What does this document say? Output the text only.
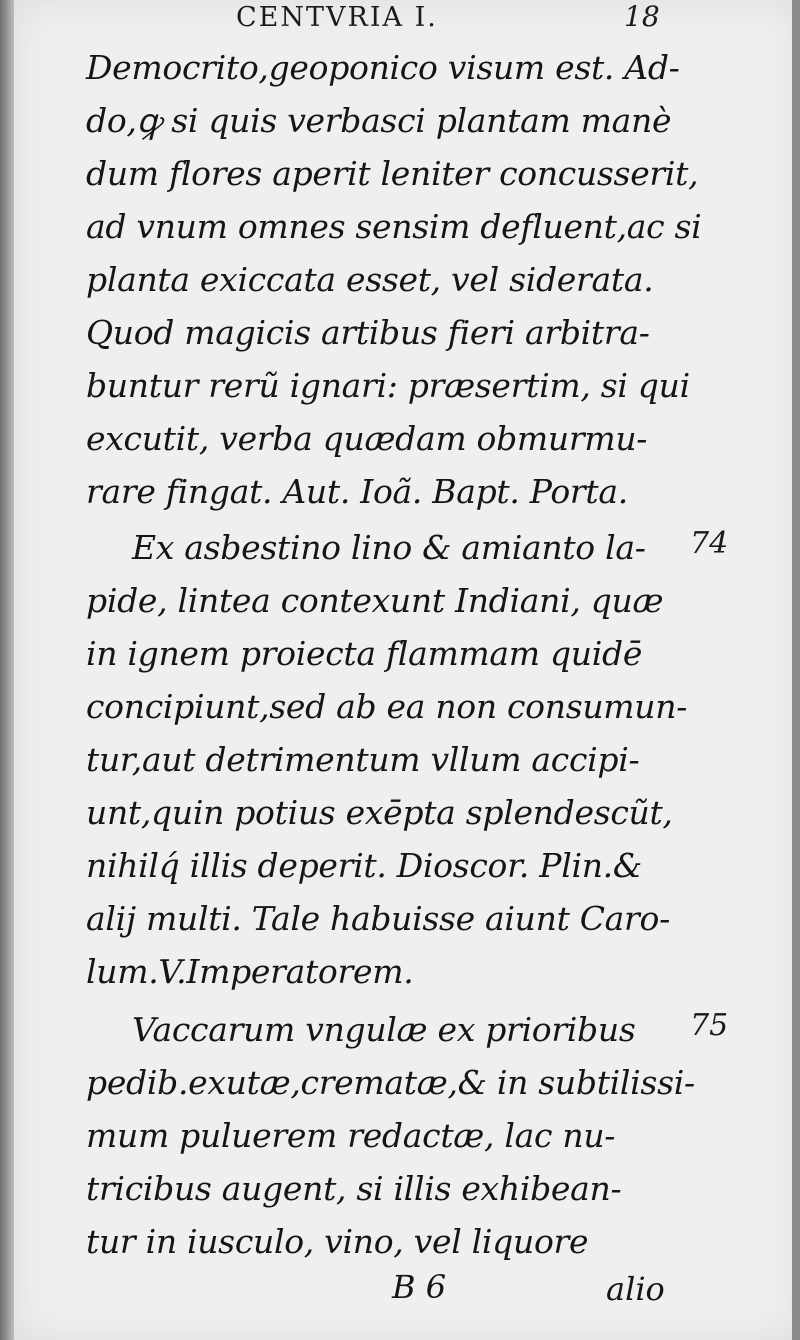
CENTVRIA I.	18
Democrito,geoponico visum est. Ad-
do,ꝙ si quis verbasci plantam manè
dum flores aperit leniter concusserit,
ad vnum omnes sensim defluent,ac si
planta exiccata esset, vel siderata.
Quod magicis artibus fieri arbitra-
buntur rerũ ignari: præsertim, si qui
excutit, verba quædam obmurmu-
rare fingat. Aut. Ioã. Bapt. Porta.
Ex asbestino lino & amianto la-	74
pide, lintea contexunt Indiani, quæ
in ignem proiecta flammam quidē
concipiunt,sed ab ea non consumun-
tur,aut detrimentum vllum accipi-
unt,quin potius exēpta splendescũt,
nihilq́ illis deperit. Dioscor. Plin.&
alij multi. Tale habuisse aiunt Caro-
lum.V.Imperatorem.
Vaccarum vngulæ ex prioribus	75
pedib.exutæ,crematæ,& in subtilissi-
mum puluerem redactæ, lac nu-
tricibus augent, si illis exhibean-
tur in iusculo, vino, vel liquore
B 6	alio
